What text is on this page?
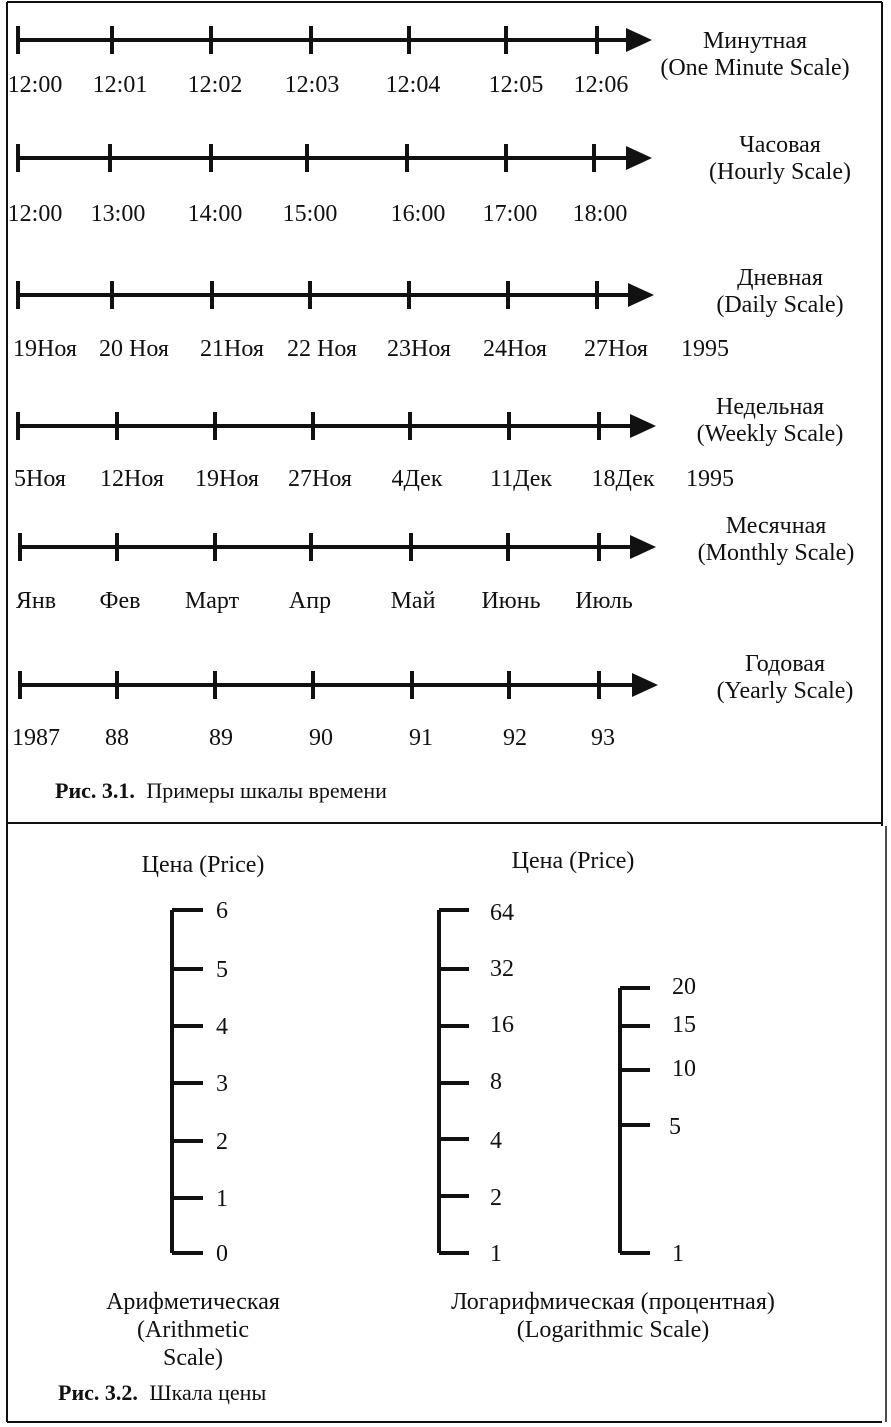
12:00 12:01 12:02 12:03 12:04 12:05 12:06
Минутная
(One Minute Scale)
12:00 13:00 14:00 15:00 16:00 17:00 18:00
Часовая
(Hourly Scale)
19Ноя 20 Ноя 21Ноя 22 Ноя 23Ноя 24Ноя 27Ноя 1995
Дневная
(Daily Scale)
5Ноя 12Ноя 19Ноя 27Ноя 4Дек 11Дек 18Дек 1995
Недельная
(Weekly Scale)
Янв Фев Март Апр Май Июнь Июль
Месячная
(Monthly Scale)
1987 88	89	90	91	92	93
Годовая
(Yearly Scale)
Рис. 3.1. Примеры шкалы времени
Цена (Price)	Цена (Price)
0
1
2
3
4
5
6
1
2
4
8
16
32
64
1
5
10
15
20
Арифметическая
(Arithmetic
Scale)
Логарифмическая (процентная)
(Logarithmic Scale)
Рис. 3.2. Шкала цены
